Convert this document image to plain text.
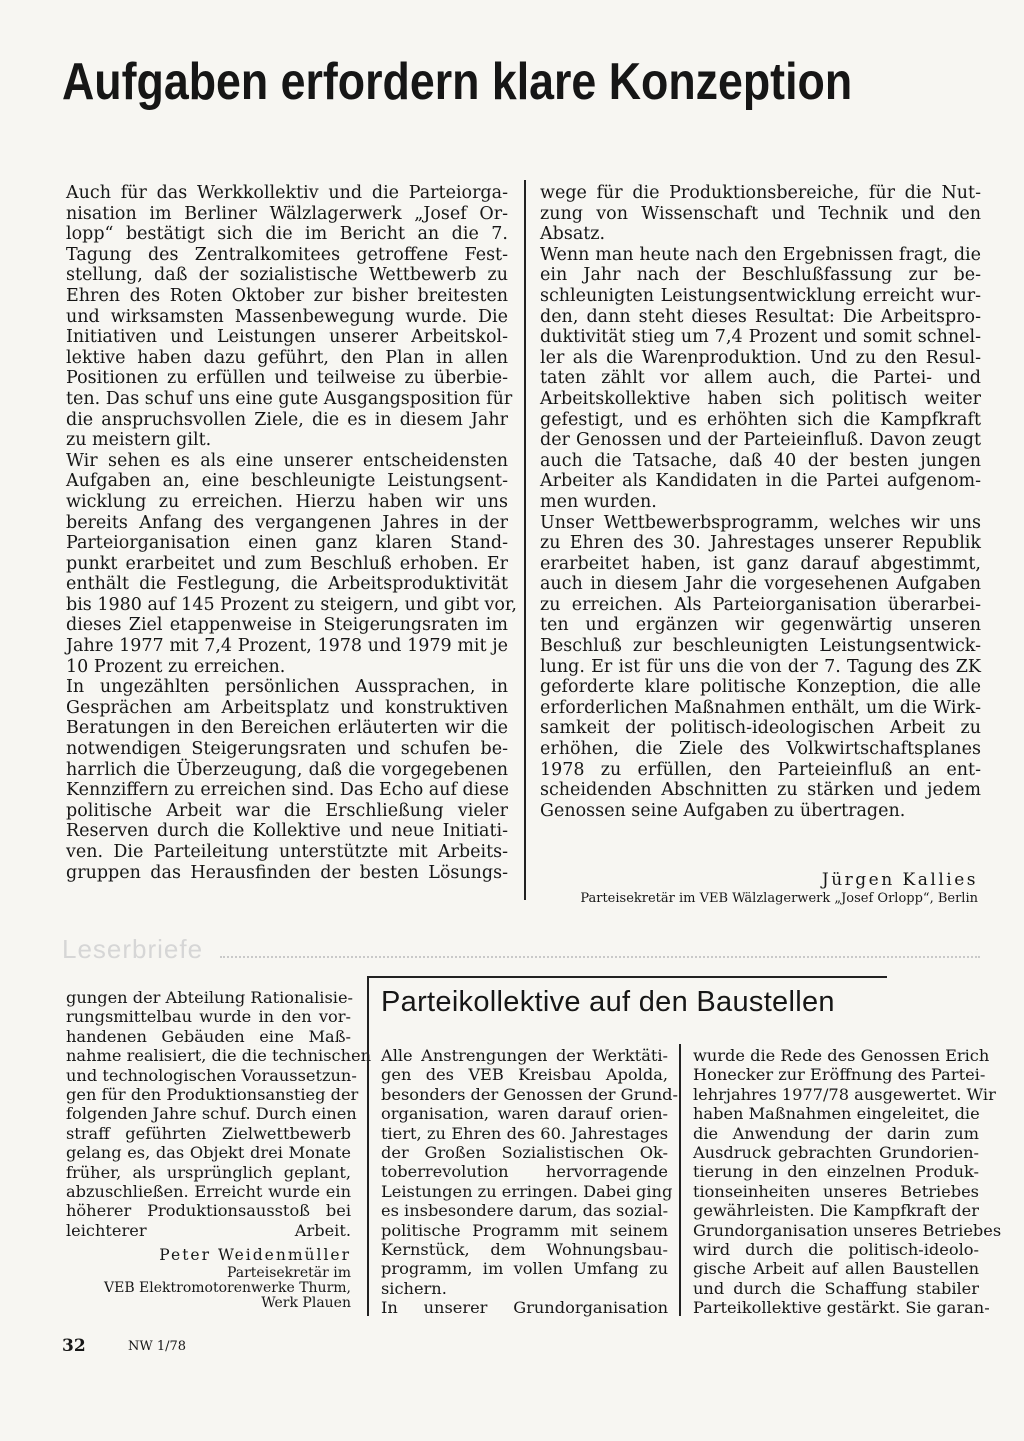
Aufgaben erfordern klare Konzeption
Auch für das Werkkollektiv und die Parteiorga-
nisation im Berliner Wälzlagerwerk „Josef Or-
lopp“ bestätigt sich die im Bericht an die 7.
Tagung des Zentralkomitees getroffene Fest-
stellung, daß der sozialistische Wettbewerb zu
Ehren des Roten Oktober zur bisher breitesten
und wirksamsten Massenbewegung wurde. Die
Initiativen und Leistungen unserer Arbeitskol-
lektive haben dazu geführt, den Plan in allen
Positionen zu erfüllen und teilweise zu überbie-
ten. Das schuf uns eine gute Ausgangsposition für
die anspruchsvollen Ziele, die es in diesem Jahr
zu meistern gilt.
Wir sehen es als eine unserer entscheidensten
Aufgaben an, eine beschleunigte Leistungsent-
wicklung zu erreichen. Hierzu haben wir uns
bereits Anfang des vergangenen Jahres in der
Parteiorganisation einen ganz klaren Stand-
punkt erarbeitet und zum Beschluß erhoben. Er
enthält die Festlegung, die Arbeitsproduktivität
bis 1980 auf 145 Prozent zu steigern, und gibt vor,
dieses Ziel etappenweise in Steigerungsraten im
Jahre 1977 mit 7,4 Prozent, 1978 und 1979 mit je
10 Prozent zu erreichen.
In ungezählten persönlichen Aussprachen, in
Gesprächen am Arbeitsplatz und konstruktiven
Beratungen in den Bereichen erläuterten wir die
notwendigen Steigerungsraten und schufen be-
harrlich die Überzeugung, daß die vorgegebenen
Kennziffern zu erreichen sind. Das Echo auf diese
politische Arbeit war die Erschließung vieler
Reserven durch die Kollektive und neue Initiati-
ven. Die Parteileitung unterstützte mit Arbeits-
gruppen das Herausfinden der besten Lösungs-
wege für die Produktionsbereiche, für die Nut-
zung von Wissenschaft und Technik und den
Absatz.
Wenn man heute nach den Ergebnissen fragt, die
ein Jahr nach der Beschlußfassung zur be-
schleunigten Leistungsentwicklung erreicht wur-
den, dann steht dieses Resultat: Die Arbeitspro-
duktivität stieg um 7,4 Prozent und somit schnel-
ler als die Warenproduktion. Und zu den Resul-
taten zählt vor allem auch, die Partei- und
Arbeitskollektive haben sich politisch weiter
gefestigt, und es erhöhten sich die Kampfkraft
der Genossen und der Parteieinfluß. Davon zeugt
auch die Tatsache, daß 40 der besten jungen
Arbeiter als Kandidaten in die Partei aufgenom-
men wurden.
Unser Wettbewerbsprogramm, welches wir uns
zu Ehren des 30. Jahrestages unserer Republik
erarbeitet haben, ist ganz darauf abgestimmt,
auch in diesem Jahr die vorgesehenen Aufgaben
zu erreichen. Als Parteiorganisation überarbei-
ten und ergänzen wir gegenwärtig unseren
Beschluß zur beschleunigten Leistungsentwick-
lung. Er ist für uns die von der 7. Tagung des ZK
geforderte klare politische Konzeption, die alle
erforderlichen Maßnahmen enthält, um die Wirk-
samkeit der politisch-ideologischen Arbeit zu
erhöhen, die Ziele des Volkwirtschaftsplanes
1978 zu erfüllen, den Parteieinfluß an ent-
scheidenden Abschnitten zu stärken und jedem
Genossen seine Aufgaben zu übertragen.
Jürgen Kallies
Parteisekretär im VEB Wälzlagerwerk „Josef Orlopp“, Berlin
Leserbriefe
gungen der Abteilung Rationalisie-
rungsmittelbau wurde in den vor-
handenen Gebäuden eine Maß-
nahme realisiert, die die technischen
und technologischen Voraussetzun-
gen für den Produktionsanstieg der
folgenden Jahre schuf. Durch einen
straff geführten Zielwettbewerb
gelang es, das Objekt drei Monate
früher, als ursprünglich geplant,
abzuschließen. Erreicht wurde ein
höherer Produktionsausstoß bei
leichterer Arbeit.
Peter Weidenmüller
Parteisekretär im
VEB Elektromotorenwerke Thurm,
Werk Plauen
Parteikollektive auf den Baustellen
Alle Anstrengungen der Werktäti-
gen des VEB Kreisbau Apolda,
besonders der Genossen der Grund-
organisation, waren darauf orien-
tiert, zu Ehren des 60. Jahrestages
der Großen Sozialistischen Ok-
toberrevolution hervorragende
Leistungen zu erringen. Dabei ging
es insbesondere darum, das sozial-
politische Programm mit seinem
Kernstück, dem Wohnungsbau-
programm, im vollen Umfang zu
sichern.
In unserer Grundorganisation
wurde die Rede des Genossen Erich
Honecker zur Eröffnung des Partei-
lehrjahres 1977/78 ausgewertet. Wir
haben Maßnahmen eingeleitet, die
die Anwendung der darin zum
Ausdruck gebrachten Grundorien-
tierung in den einzelnen Produk-
tionseinheiten unseres Betriebes
gewährleisten. Die Kampfkraft der
Grundorganisation unseres Betriebes
wird durch die politisch-ideolo-
gische Arbeit auf allen Baustellen
und durch die Schaffung stabiler
Parteikollektive gestärkt. Sie garan-
32	NW 1/78
